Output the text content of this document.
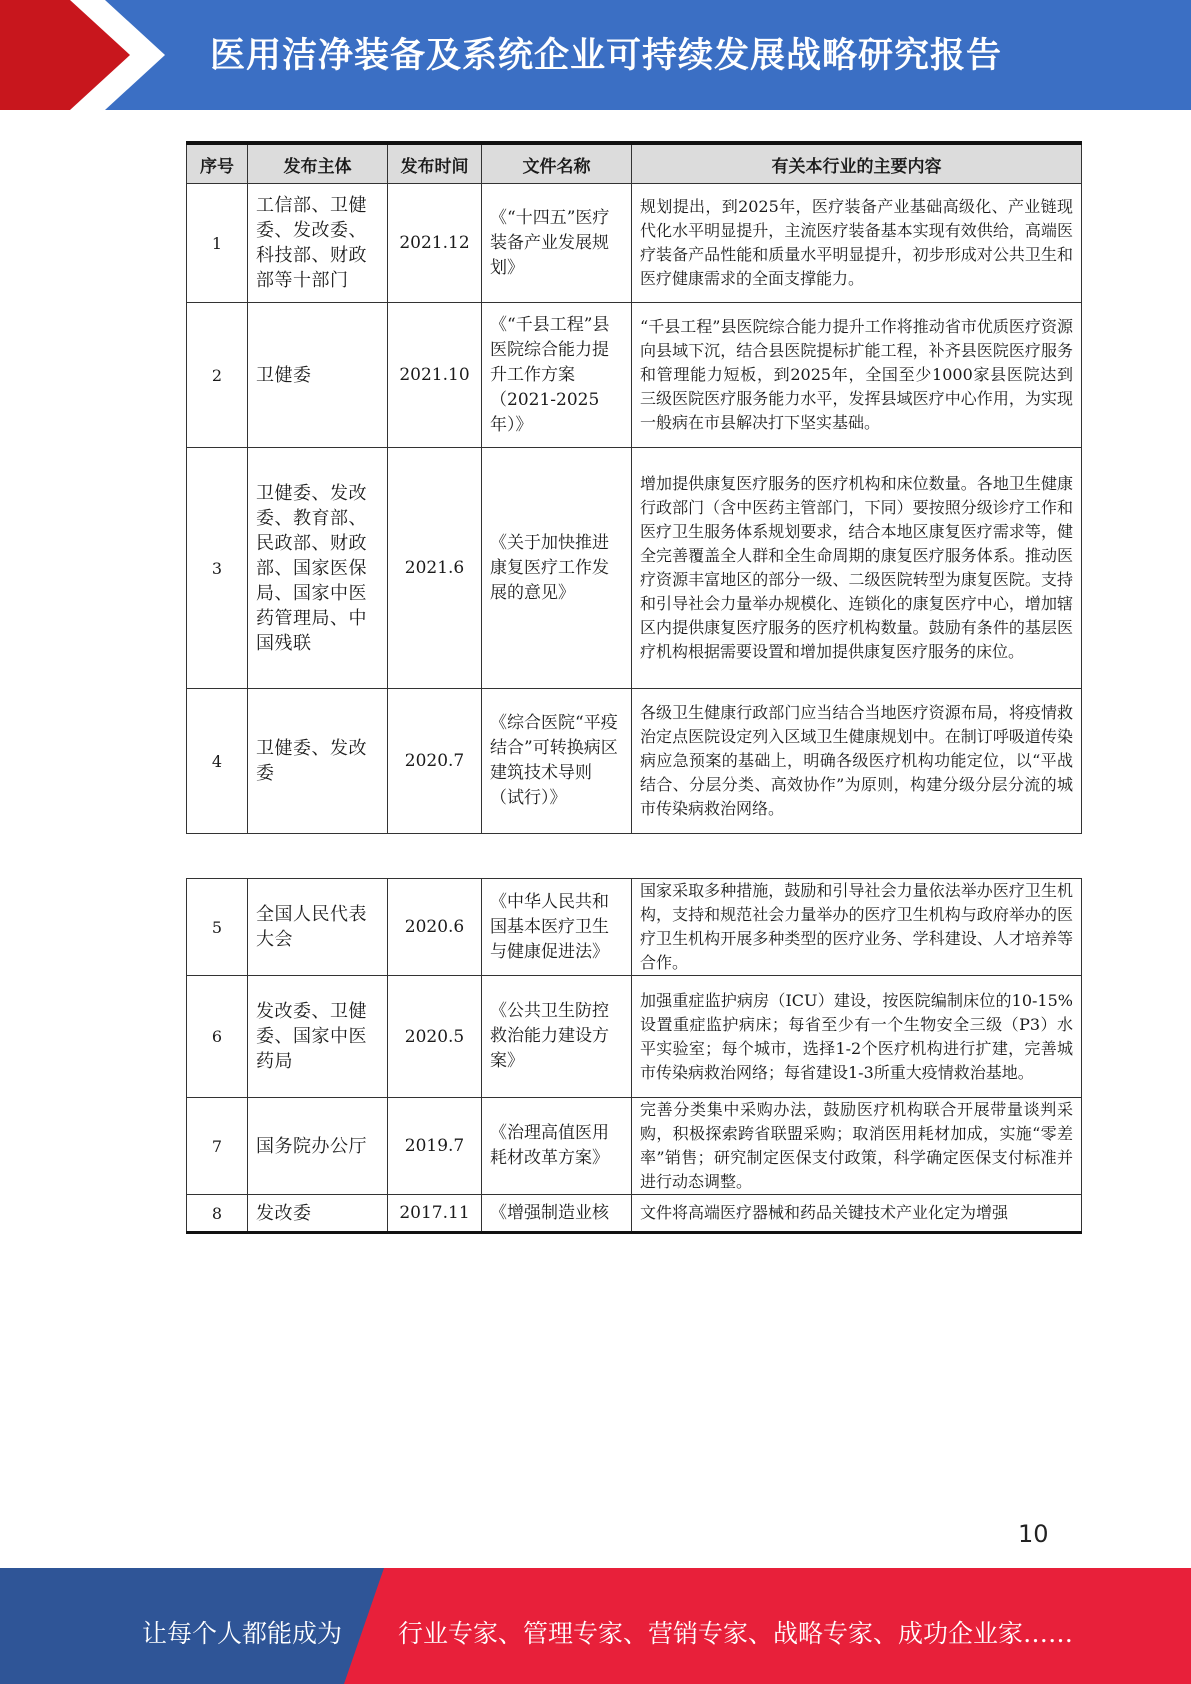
医用洁净装备及系统企业可持续发展战略研究报告
序号	发布主体	发布时间	文件名称	有关本行业的主要内容
1	工信部、卫健委、发改委、科技部、财政部等十部门	2021.12	《“十四五”医疗装备产业发展规划》	规划提出，到2025年，医疗装备产业基础高级化、产业链现代化水平明显提升，主流医疗装备基本实现有效供给，高端医疗装备产品性能和质量水平明显提升，初步形成对公共卫生和医疗健康需求的全面支撑能力。
2	卫健委	2021.10	《“千县工程”县医院综合能力提升工作方案（2021-2025年）》	“千县工程”县医院综合能力提升工作将推动省市优质医疗资源向县域下沉，结合县医院提标扩能工程，补齐县医院医疗服务和管理能力短板，到2025年，全国至少1000家县医院达到三级医院医疗服务能力水平，发挥县域医疗中心作用，为实现一般病在市县解决打下坚实基础。
3	卫健委、发改委、教育部、民政部、财政部、国家医保局、国家中医药管理局、中国残联	2021.6	《关于加快推进康复医疗工作发展的意见》	增加提供康复医疗服务的医疗机构和床位数量。各地卫生健康行政部门（含中医药主管部门，下同）要按照分级诊疗工作和医疗卫生服务体系规划要求，结合本地区康复医疗需求等，健全完善覆盖全人群和全生命周期的康复医疗服务体系。推动医疗资源丰富地区的部分一级、二级医院转型为康复医院。支持和引导社会力量举办规模化、连锁化的康复医疗中心，增加辖区内提供康复医疗服务的医疗机构数量。鼓励有条件的基层医疗机构根据需要设置和增加提供康复医疗服务的床位。
4	卫健委、发改委	2020.7	《综合医院“平疫结合”可转换病区建筑技术导则（试行）》	各级卫生健康行政部门应当结合当地医疗资源布局，将疫情救治定点医院设定列入区域卫生健康规划中。在制订呼吸道传染病应急预案的基础上，明确各级医疗机构功能定位，以“平战结合、分层分类、高效协作”为原则，构建分级分层分流的城市传染病救治网络。
5	全国人民代表大会	2020.6	《中华人民共和国基本医疗卫生与健康促进法》	国家采取多种措施，鼓励和引导社会力量依法举办医疗卫生机构，支持和规范社会力量举办的医疗卫生机构与政府举办的医疗卫生机构开展多种类型的医疗业务、学科建设、人才培养等合作。
6	发改委、卫健委、国家中医药局	2020.5	《公共卫生防控救治能力建设方案》	加强重症监护病房（ICU）建设，按医院编制床位的10-15%设置重症监护病床；每省至少有一个生物安全三级（P3）水平实验室；每个城市，选择1-2个医疗机构进行扩建，完善城市传染病救治网络；每省建设1-3所重大疫情救治基地。
7	国务院办公厅	2019.7	《治理高值医用耗材改革方案》	完善分类集中采购办法，鼓励医疗机构联合开展带量谈判采购，积极探索跨省联盟采购；取消医用耗材加成，实施“零差率”销售；研究制定医保支付政策，科学确定医保支付标准并进行动态调整。
8	发改委	2017.11	《增强制造业核	文件将高端医疗器械和药品关键技术产业化定为增强
10
让每个人都能成为 行业专家、管理专家、营销专家、战略专家、成功企业家……
